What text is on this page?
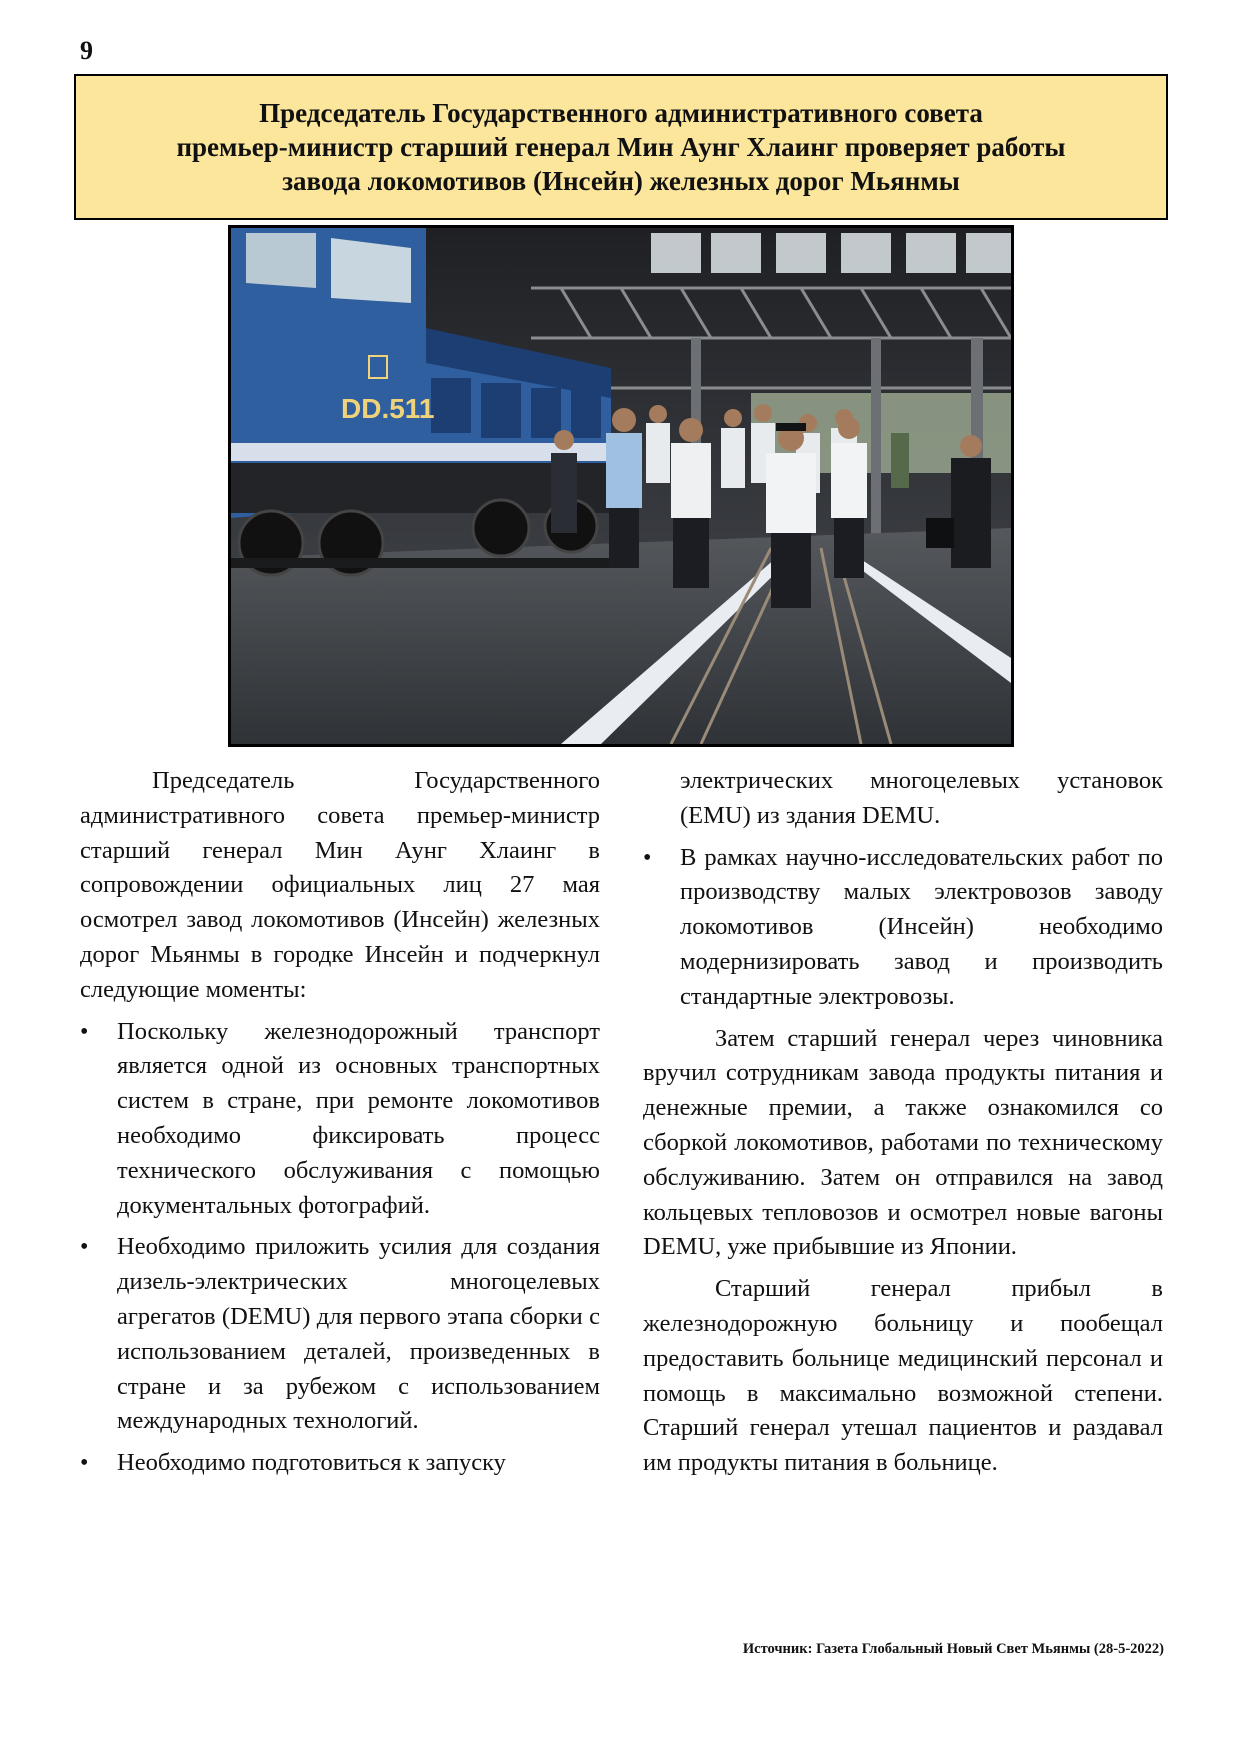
9
Председатель Государственного административного совета
премьер-министр старший генерал Мин Аунг Хлаинг проверяет работы
завода локомотивов (Инсейн) железных дорог Мьянмы
DD.511

Председатель Государственного административного совета премьер-министр старший генерал Мин Аунг Хлаинг в сопровождении официальных лиц 27 мая осмотрел завод локомотивов (Инсейн) железных дорог Мьянмы в городке Инсейн и подчеркнул следующие моменты:

• Поскольку железнодорожный транспорт является одной из основных транспортных систем в стране, при ремонте локомотивов необходимо фиксировать процесс технического обслуживания с помощью документальных фотографий.
• Необходимо приложить усилия для создания дизель-электрических многоцелевых агрегатов (DEMU) для первого этапа сборки с использованием деталей, произведенных в стране и за рубежом с использованием международных технологий.
• Необходимо подготовиться к запуску

электрических многоцелевых установок (EMU) из здания DEMU.

• В рамках научно-исследовательских работ по производству малых электровозов заводу локомотивов (Инсейн) необходимо модернизировать завод и производить стандартные электровозы.

Затем старший генерал через чиновника вручил сотрудникам завода продукты питания и денежные премии, а также ознакомился со сборкой локомотивов, работами по техническому обслуживанию. Затем он отправился на завод кольцевых тепловозов и осмотрел новые вагоны DEMU, уже прибывшие из Японии.

Старший генерал прибыл в железнодорожную больницу и пообещал предоставить больнице медицинский персонал и помощь в максимально возможной степени. Старший генерал утешал пациентов и раздавал им продукты питания в больнице.

Источник: Газета Глобальный Новый Свет Мьянмы (28-5-2022)
